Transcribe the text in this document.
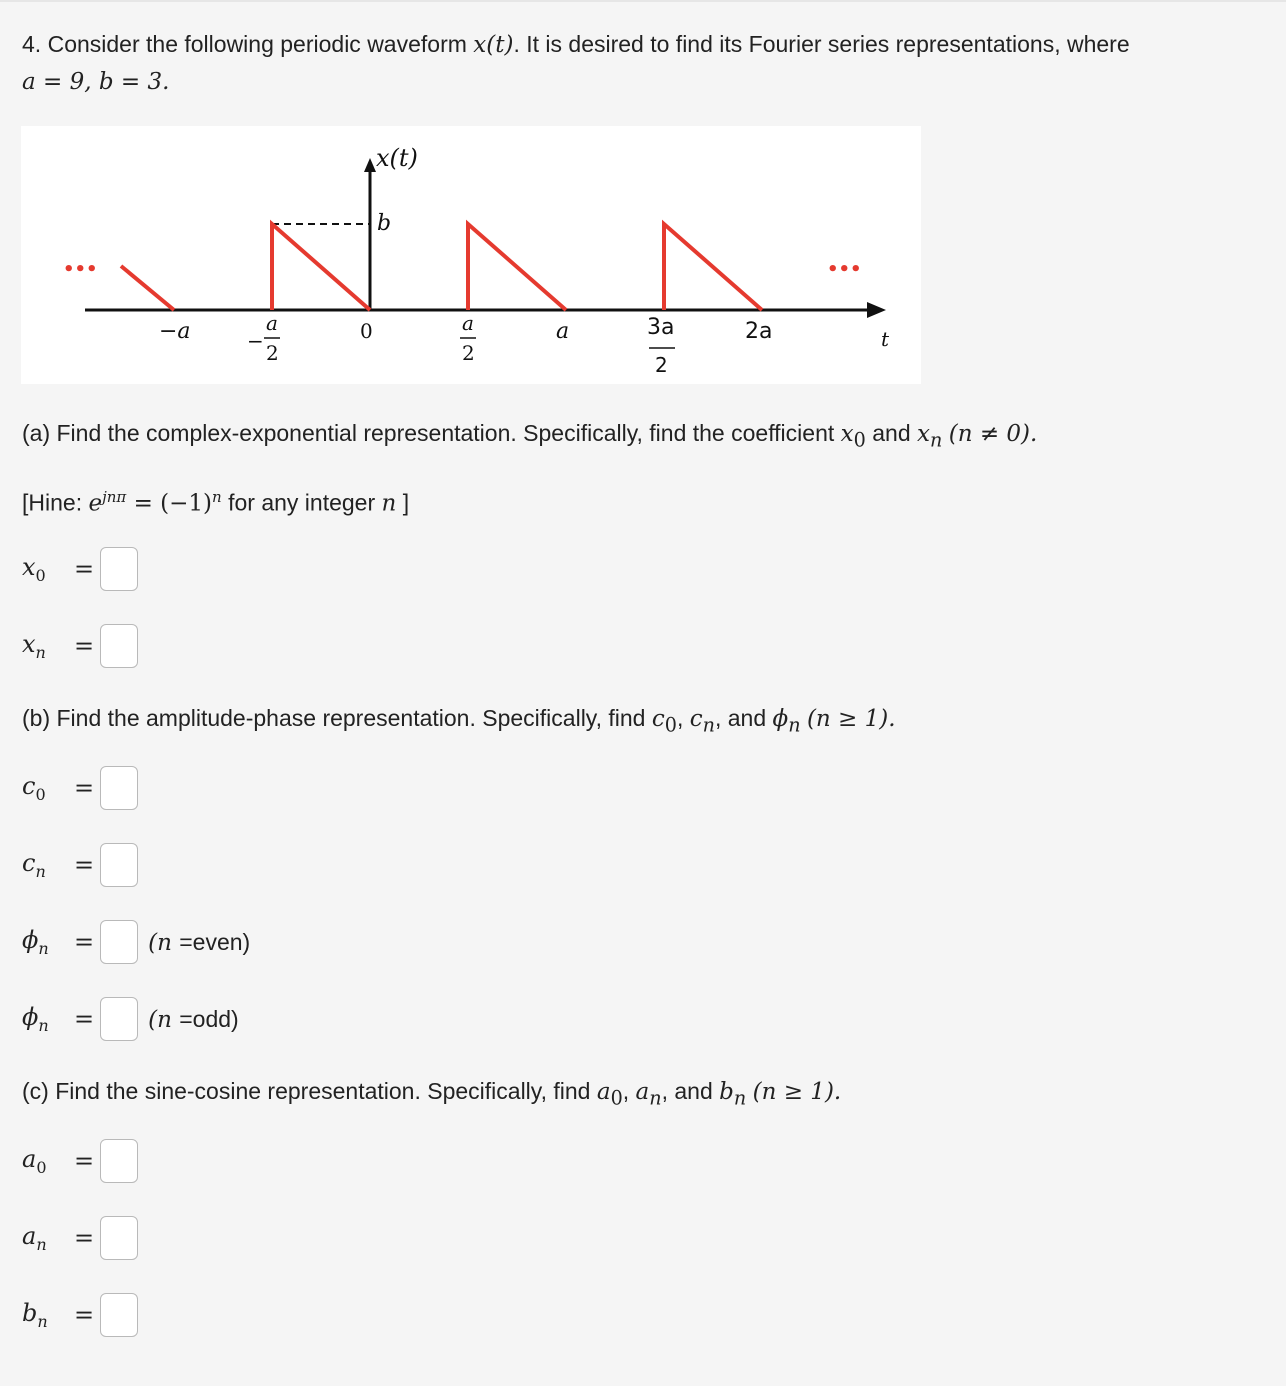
4. Consider the following periodic waveform x(t). It is desired to find its Fourier series representations, where
a = 9, b = 3.
•••	•••
x(t)
b
t
−a	−
a
2
0	a
2
a	3a
2
2a
(a) Find the complex-exponential representation. Specifically, find the coefficient $x_0$ and $x_n$ (n ≠ 0).
[Hine: $e^{jn\pi} = (-1)^n$ for any integer n ]
$x_0$	=
$x_n$	=
(b) Find the amplitude-phase representation. Specifically, find $c_0$, $c_n$, and $\phi_n$ (n ≥ 1).
$c_0$	=
$c_n$	=
$\phi_n$	= (n =even)
$\phi_n$	= (n =odd)
(c) Find the sine-cosine representation. Specifically, find $a_0$, $a_n$, and $b_n$ (n ≥ 1).
$a_0$	=
$a_n$	=
$b_n$	=
